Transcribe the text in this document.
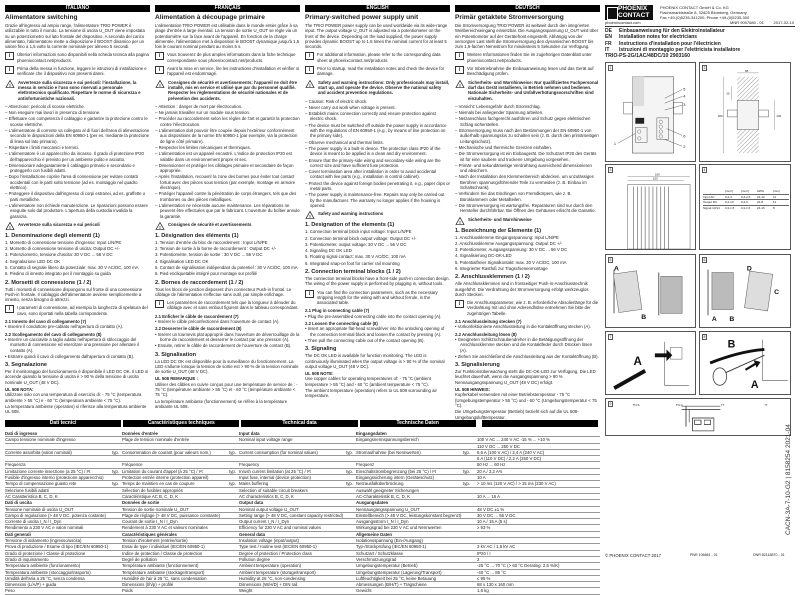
ITALIANO
Alimentatore switching
Grazie all'ingresso ad ampio range, l'alimentatore TRIO POWER è utilizzabile in tutto il mondo. La tensione di uscita U_OUT viene impostata su un potenziometro sul lato frontale del dispositivo. A seconda del carico alimentato, l'alimentatore mette a disposizione il BOOST dinamico per un valore fino a 1,5 volte la corrente nominale per almeno 5 secondi.
i	Ulteriori informazioni sono disponibili nella scheda tecnica alla pagina phoenixcontact.net/products.
i	Prima della messa in funzione, leggere le istruzioni di installazione e verificare che il dispositivo non presenti danni.
!
Avvertenze sulla sicurezza e sui pericoli: l'installazione, la messa in servizio e l'uso sono riservati a personale elettrotecnico qualificato. Rispettare le norme di sicurezza e antinfortunistiche nazionali.
– Attenzione: pericolo di scosse elettriche.
– Non eseguire mai lavori in presenza di tensione.
– Effettuare con competenza il cablaggio e garantire la protezione contro le scosse elettriche.
– L'alimentatore di corrente va collegato al di fuori dell'area di alimentazione secondo le disposizioni della EN 60950-1 (per es. mediante la protezione di linea sul lato primario).
– Rispettare i limiti meccanici e termici.
– L'alimentatore è un apparecchio da incasso. Il grado di protezione IP20 dell'apparecchio è previsto per un ambiente pulito e asciutto.
– Dimensionare adeguatamente il cablaggio primario e secondario e proteggerlo con fusibili adatti.
– Dopo l'installazione coprire l'area di connessione per evitare contatti accidentali con le parti sotto tensione (ad es. montaggio nel quadro elettrico).
– Proteggere il dispositivo dall'ingresso di corpi estranei, ad es. graffette o parti metalliche.
– L'alimentatore non richiede manutenzione. Le riparazioni possono essere eseguite solo dal produttore. L'apertura della custodia invalida la garanzia.
!
Avvertenze sulla sicurezza e sui pericoli
1. Denominazione degli elementi (1)
1. Morsetto di connessione tensione d'ingresso: Input L/N/PE
2. Morsetto di connessione tensione di uscita: Output DC +/-
3. Potenziometro, tensione d'uscita: 30 V DC ... 56 V DC
4. Segnalazione LED DC OK
5. Contatto di segnale libero da potenziale: max. 30 V AC/DC, 100 mA
6. Piedino di innesto integrato per il montaggio su guida
2. Morsetti di connessione (1 / 2)
Tutti i morsetti di connessione dispongono sul fronte di una connessione Push-in frontale. Il cablaggio dell'alimentatore avviene semplicemente a innesto, senza bisogno di attrezzi.
i	I parametri di connessione, ad esempio la lunghezza di spelatura del cavo, sono riportati nella tabella corrispondente.
2.1 Innesto del cavo di collegamento (7)
• Inserire il conduttore pre-cablato nell'apertura di contatto (A).
2.2 Scollegamento del cavo di collegamento (8)
• Inserire un cacciavite a taglio adatto nell'apertura di sbloccaggio del morsetto di connessione ed esercitare una pressione per allentare il contatto (A).
• Estrarre quindi il cavo di collegamento dall'apertura di contatto (B).
3. Segnalazione
Per il monitoraggio del funzionamento è disponibile il LED DC OK. Il LED si accende quando la tensione di uscita è > 90 % della tensione di uscita nominale U_OUT (48 V DC).
UL 508 NOTA:
Utilizzare solo con una temperatura di esercizio di: - 75 °C (temperatura ambiente > 55 °C) e - 60 °C (temperatura ambiente < 75 °C).
La temperatura ambiente (operativo) si riferisce alla temperatura ambiente UL 508.
FRANÇAIS
Alimentation à découpage primaire
L'alimentation TRIO POWER est utilisable dans le monde entier grâce à sa plage d'entrée à large éventail. La tension de sortie U_OUT se règle via un potentiomètre sur la face avant de l'appareil. En fonction de la charge alimentée, l'alimentation met à disposition le BOOST dynamique jusqu'à 1,5 fois le courant nominal pendant au moins 5 s.
i	Vous trouverez de plus amples informations dans la fiche technique correspondante sous phoenixcontact.net/products.
i	Avant la mise en service, lire les instructions d'installation et vérifier si l'appareil est endommagé.
!
Consignes de sécurité et avertissements: l'appareil ne doit être installé, mis en service et utilisé que par du personnel qualifié. Respecter les règlementations de sécurité nationales et de prévention des accidents.
– Attention : danger de mort par électrocution.
– Ne jamais travailler sur un module sous tension.
– Procéder au raccordement selon les règles de l'art et garantir la protection contre l'électrocution.
– L'alimentation doit pouvoir être coupée depuis l'extérieur conformément aux dispositions de la norme EN 60950-1 (par exemple, via la protection de ligne côté primaire).
– Respecter les limites mécaniques et thermiques.
– L'alimentation est un appareil encastré. L'indice de protection IP20 est valable dans un environnement propre et sec.
– Dimensionner et protéger les câblages primaire et secondaire de façon appropriée.
– Après l'installation, recouvrir la zone des bornes pour éviter tout contact fortuit avec des pièces sous tension (par exemple, montage en armoire électrique).
– Protéger l'appareil contre la pénétration de corps étrangers, tels que des trombones ou des pièces métalliques.
– L'alimentation ne nécessite aucune maintenance. Les réparations ne peuvent être effectuées que par le fabricant. L'ouverture du boîtier annule la garantie.
!
Consignes de sécurité et avertissements
1. Désignation des éléments (1)
1. Tension d'entrée du bloc de raccordement : Input L/N/PE
2. Tension de sortie à la borne de raccordement : Output DC +/-
3. Potentiomètre, tension de sortie : 30 V DC ... 56 V DC
4. Signalisation LED DC OK
5. Contact de signalisation indépendant du potentiel : 30 V AC/DC, 100 mA
6. Pied encliquetable intégré pour montage sur profilé
2. Bornes de raccordement (1 / 2)
Tous les blocs de jonction disposent d'un connecteur Push-in frontal. Le câblage de l'alimentation s'effectue sans outil, par simple enfichage.
i	Les paramètres de raccordement tels que la longueur à dénuder du câblage avec et sans embout figurent dans le tableau correspondant.
2.1 Enficher le câble de raccordement (7)
• Insérer le câble préconfectionné dans l'ouverture de contact (A).
2.2 Desserrer le câble de raccordement (8)
• Insérer un tournevis plat approprié dans l'ouverture de déverrouillage de la borne de raccordement et desserrer le contact par une pression (A).
• Ensuite, retirer le câble de raccordement de l'ouverture de contact (B).
3. Signalisation
La LED DC OK est disponible pour la surveillance du fonctionnement. La LED s'allume lorsque la tension de sortie est > 90 % de la tension nominale de sortie U_OUT (48 V DC).
UL 508 REMARQUE :
Utiliser des câbles en cuivre conçus pour une température de service de : - 75 °C (température ambiante > 55 °C) et - 60 °C (température ambiante < 75 °C).
La température ambiante (fonctionnement) se réfère à la température ambiante UL 508.
ENGLISH
Primary-switched power supply unit
The TRIO POWER power supply can be used worldwide via its wide-range input. The output voltage U_OUT is adjusted via a potentiometer on the front of the device. Depending on the load supplied, the power supply provides dynamic BOOST up to 1.5 times the nominal current for at least 5 seconds.
i	For additional information, please refer to the corresponding data sheet at phoenixcontact.net/products.
i	Prior to startup, read the installation notes and check the device for damage.
!
Safety and warning instructions: Only professionals may install, start up, and operate the device. Observe the national safety and accident prevention regulations.
– Caution: Risk of electric shock.
– Never carry out work when voltage is present.
– Establish mains connection correctly and ensure protection against electric shock.
– The device must be switched off outside the power supply in accordance with the regulations of EN 60950-1 (e.g., by means of line protection on the primary side).
– Observe mechanical and thermal limits.
– The power supply is a built-in device. The protection class IP20 of the device is meant to be applied in a clean and dry environment.
– Ensure that the primary-side wiring and secondary-side wiring are the correct size and have sufficient fuse protection.
– Cover termination area after installation in order to avoid accidental contact with live parts (e.g., installation in control cabinet).
– Protect the device against foreign bodies penetrating it, e.g., paper clips or metal parts.
– The power supply is maintenance-free. Repairs may only be carried out by the manufacturer. The warranty no longer applies if the housing is opened.
!
Safety and warning instructions
1. Designation of the elements (1)
1. Connection terminal block input voltage: Input L/N/PE
2. Connection terminal block output voltage: Output DC +/-
3. Potentiometer, output voltage: 30 V DC ... 56 V DC
4. Signaling DC OK LED
5. Floating signal contact: max. 30 V AC/DC, 100 mA
6. Integrated snap-on foot for carrier rail mounting
2. Connection terminal blocks (1 / 2)
The connection terminal blocks have a front-side push-in connection design. The wiring of the power supply is performed by plugging in, without tools.
i	You can find the connection parameters, such as the necessary stripping length for the wiring with and without ferrule, in the associated table.
2.1 Plug in connecting cable (7)
• Plug the pre-assembled connecting cable into the contact opening (A).
2.2 Loosen the connecting cable (8)
• Insert an appropriate flat-head screwdriver into the unlocking opening of the connection terminal block and loosen the contact by pressing (A).
• Then pull the connecting cable out of the contact opening (B).
3. Signaling
The DC OK LED is available for function monitoring. The LED is continuously illuminated when the output voltage is > 90 % of the nominal output voltage U_OUT (48 V DC).
UL 508 NOTE:
Use copper cables for operating temperatures of: - 75 °C (ambient temperature > 55 °C) and - 60 °C (ambient temperature < 75 °C).
The ambient temperature (operation) refers to UL 508 surrounding air temperature.
DEUTSCH
Primär getaktete Stromversorgung
Die Stromversorgung TRIO POWER ist weltweit durch den integrierten Weitbereichseingang einsetzbar. Die Ausgangsspannung U_OUT wird über ein Potentiometer auf der Gerätefront eingestellt. Abhängig von der versorgten Last stellt die Stromversorgung den dynamischen BOOST bis zum 1,5-fachen Nennstrom für mindestens 5 Sekunden zur Verfügung.
i	Weitere Informationen finden Sie im zugehörigen Datenblatt unter phoenixcontact.net/products.
i	Vor Inbetriebnahme die Einbauanweisung lesen und das Gerät auf Beschädigung prüfen.
!
Sicherheits- und Warnhinweise: Nur qualifiziertes Fachpersonal darf das Gerät installieren, in Betrieb nehmen und bedienen. Nationale Sicherheits- und Unfallverhütungsvorschriften sind einzuhalten.
– Vorsicht: Lebensgefahr durch Stromschlag.
– Niemals bei anliegender Spannung arbeiten.
– Netzanschluss fachgerecht ausführen und Schutz gegen elektrischen Schlag sicherstellen.
– Stromversorgung muss nach den Bestimmungen der EN 60950-1 von außerhalb spannungslos zu schalten sein (z. B. durch den primärseitigen Leitungsschutz).
– Mechanische und thermische Grenzen einhalten.
– Die Stromversorgung ist ein Einbaugerät. Die Schutzart IP20 des Geräts ist für eine saubere und trockene Umgebung vorgesehen.
– Primär- und sekundärseitige Verdrahtung ausreichend dimensionieren und absichern.
– Nach der Installation den Klemmenbereich abdecken, um unzulässiges Berühren spannungsführender Teile zu vermeiden (z. B. Einbau im Schaltschrank).
– Verhindern Sie das Eindringen von Fremdkörpern, wie z. B. Büroklammern oder Metallteilen.
– Die Stromversorgung ist wartungsfrei. Reparaturen sind nur durch den Hersteller durchführbar. Bei Öffnen des Gehäuses erlischt die Garantie.
!
Sicherheits- und Warnhinweise
1. Bezeichnung der Elemente (1)
1. Anschlussklemme Eingangsspannung: Input L/N/PE
2. Anschlussklemme Ausgangsspannung: Output DC +/-
3. Potentiometer, Ausgangsspannung: 30 V DC ... 56 V DC
4. Signalisierung DC-OK-LED
5. Potentialfreier Signalkontakt: max. 30 V AC/DC, 100 mA
6. Integrierter Rastfuß zur Tragschienenmontage
2. Anschlussklemmen (1 / 2)
Alle Anschlussklemmen sind in frontseitiger Push-in-Anschlusstechnik ausgeführt. Die Verdrahtung der Stromversorgung erfolgt werkzeuglos durch Stecken.
i	Die Anschlussparameter, wie z. B. erforderliche Abisolierlänge für die Verdrahtung mit und ohne Aderendhülse entnehmen Sie bitte der zugehörigen Tabelle.
2.1 Anschlussleitung stecken (7)
• Vorkonfektionierte Anschlussleitung in die Kontaktöffnung stecken (A).
2.2 Anschlussleitung lösen (8)
• Geeigneten Schlitzschraubendreher in die Betätigungsöffnung der Anschlussklemme stecken und die Kontaktfeder durch Drücken lösen (A).
• Ziehen Sie anschließend die Anschlussleitung aus der Kontaktöffnung (B).
3. Signalisierung
Zur Funktionsüberwachung steht die DC-OK-LED zur Verfügung. Die LED leuchtet dauerhaft, wenn die Ausgangsspannung > 90 % Nennausgangsspannung U_OUT (48 V DC) erfolgt.
UL 508 HINWEIS:
Kupferkabel verwenden mit einer Betriebstemperatur - 75 °C (Umgebungstemperatur > 55 °C) und - 60 °C (Umgebungstemperatur < 75 °C).
Die Umgebungstemperatur (Betrieb) bezieht sich auf die UL 508-Umgebungslufttemperatur.
Dati tecnici	Caractéristiques techniques	Technical data	Technische Daten
Dati di ingresso	Données d'entrée	Input data	Eingangsdaten
Campo tensione nominale d'ingresso	Plage de tension nominale d'entrée	Nominal input voltage range	Eingangsnennspannungsbereich	100 V AC ... 240 V AC -15 % ... +10 %
110 V DC ... 250 V DC
Corrente assorbita (valori nominali)	typ. Consommation de courant (pour valeurs nom.)	typ. Current consumption (for nominal values)	typ. Stromaufnahme (bei Nennwerten)	typ. 6,6 A (100 V AC) / 2,4 A (240 V AC)
6 A (110 V DC) / 2,2 A (250 V DC)
Frequenza	Fréquence	Frequency	Frequenz	50 Hz ... 60 Hz
Limitazione corrente inserzione (a 25 °C) / I²t	typ. Limitation du courant d'appel (à 25 °C) / I²t	typ. Inrush current limitation (at 25 °C) / I²t	typ. Einschaltstrombegrenzung (bei 25 °C) / I²t	typ. 20 A / 3,2 A²s
Fusibile d'ingresso interno (protezione apparecchio)	Protection entrée interne (protection appareil)	Input fuse, internal (device protection)	Eingangssicherung intern (Geräteschutz)	10 A
Tempo di compensazione guasto rete	typ. Temps de maintien en cas de coupure	typ. Mains buffering	typ. Netzausfallüberbrückung	typ. > 10 ms (120 V AC) / > 15 ms (230 V AC)
Selezione fusibili adatti	Sélection de fusibles appropriés	Selection of suitable circuit breakers	Auswahl geeigneter Sicherungen
AC Caratteristica B, C, D, K	Caractéristique AC B, C, D, K	AC characteristics B, C, D, K	AC-Charakteristik B, C, D, K	10 A ... 16 A
Dati di uscita	Données de sortie	Output data	Ausgangsdaten
Tensione nominale di uscita U_OUT	Tension de sortie nominale U_OUT	Nominal output voltage U_OUT	Nennausgangsspannung U_OUT	48 V DC ±1 %
Campo di regolazione (> 48 V DC, potenza costante)	Plage de réglage (> 48 V DC, puissance constante)	Setting range (> 48 V DC, constant capacity restricted)	Einstellbereich (> 48 V DC, leistungskonstant begrenzt)	30 V DC ... 56 V DC
Corrente di uscita I_N / I_Dyn	Courant de sortie I_N / I_Dyn	Output current I_N / I_Dyn	Ausgangsstrom I_N / I_Dyn	10 A / 15 A (5 s)
Rendimento a 230 V AC e valori nominali	Rendement à 230 V AC et valeurs nominales	Efficiency for 230 V AC and nominal values	Wirkungsgrad bei 230 V AC und Nennwerten	≥ 93 %
Dati generali	Caractéristiques générales	General data	Allgemeine Daten
Tensione di isolamento (ingresso/uscita)	Tension d'isolement (entrée/sortie)	Insulation voltage (input/output)	Isolationsspannung (Ein-/Ausgang)
Prova di produzione / Esame di tipo (IEC/EN 60950-1)	Essai de type / individuel (IEC/EN 60950-1)	Type test / routine test (IEC/EN 60950-1)	Typ-/Stückprüfung (IEC/EN 60950-1)	3 kV AC / 1,5 kV AC
Grado di protezione / Classe di protezione	Indice de protection / Classe de protection	Degree of protection / Protection class	Schutzart / Schutzklasse	IP20 / I
Grado di inquinamento	Degré de pollution	Pollution degree	Verschmutzungsgrad	2
Temperatura ambiente (funzionamento)	Température ambiante (fonctionnement)	Ambient temperature (operation)	Umgebungstemperatur (Betrieb)	-25 °C ... 70 °C (> 60 °C Derating: 2,5 %/K)
Temperatura ambiente (stoccaggio/trasporto)	Température ambiante (stockage/transport)	Ambient temperature (storage/transport)	Umgebungstemperatur (Lagerung/Transport)	-40 °C ... 85 °C
Umidità dell'aria a 25 °C, senza condensa	Humidité de l'air à 25 °C, sans condensation	Humidity at 25 °C, non-condensing	Luftfeuchtigkeit bei 25 °C, keine Betauung	≤ 95 %
Dimensioni (L/A/P) + guida	Dimensions (l/h/p) + profilé	Dimensions (W/H/D) + DIN rail	Abmessungen (B/H/T) + Tragschiene	68 x 130 x 160 mm
Peso	Poids	Weight	Gewicht	1,6 kg
PHOENIX CONTACT
PHOENIX CONTACT GmbH & Co. KG
Flachsmarktstraße 8, 32825 Blomberg, Germany
Fax +49-(0)5235-341200, Phone +49-(0)5235-300
phoenixcontact.com	MNR 9097680 - 01 2017-02-10
DE	Einbauanweisung für den Elektroinstallateur
EN	Installation notes for electricians
FR	Instructions d'installation pour l'électricien
IT	Istruzioni di montaggio per l'elettricista installatore
TRIO-PS-2G/1AC/48DC/10 2903160
1
5
4
3
6
2
1
2
68
180
25
130
3
160
150
4
[mm²]	[mm²]	AWG	[mm]
Input AC	0,2-4	0,2-2,5	24-12	11
Output DC	0,2-10	0,2-6	24-8	11
Signal 13/14	0,2-1,5	0,2-1,5	24-16	8
5
A
B
6
A B
C
D
7
A
8
B
A
9	TN-S	TN-C	TT	IT
© PHOENIX CONTACT 2017	PNR 106861 - 01	DNR 82118870 - 01
CACN-3A-7-10-G2 | 8158254 2021-04
